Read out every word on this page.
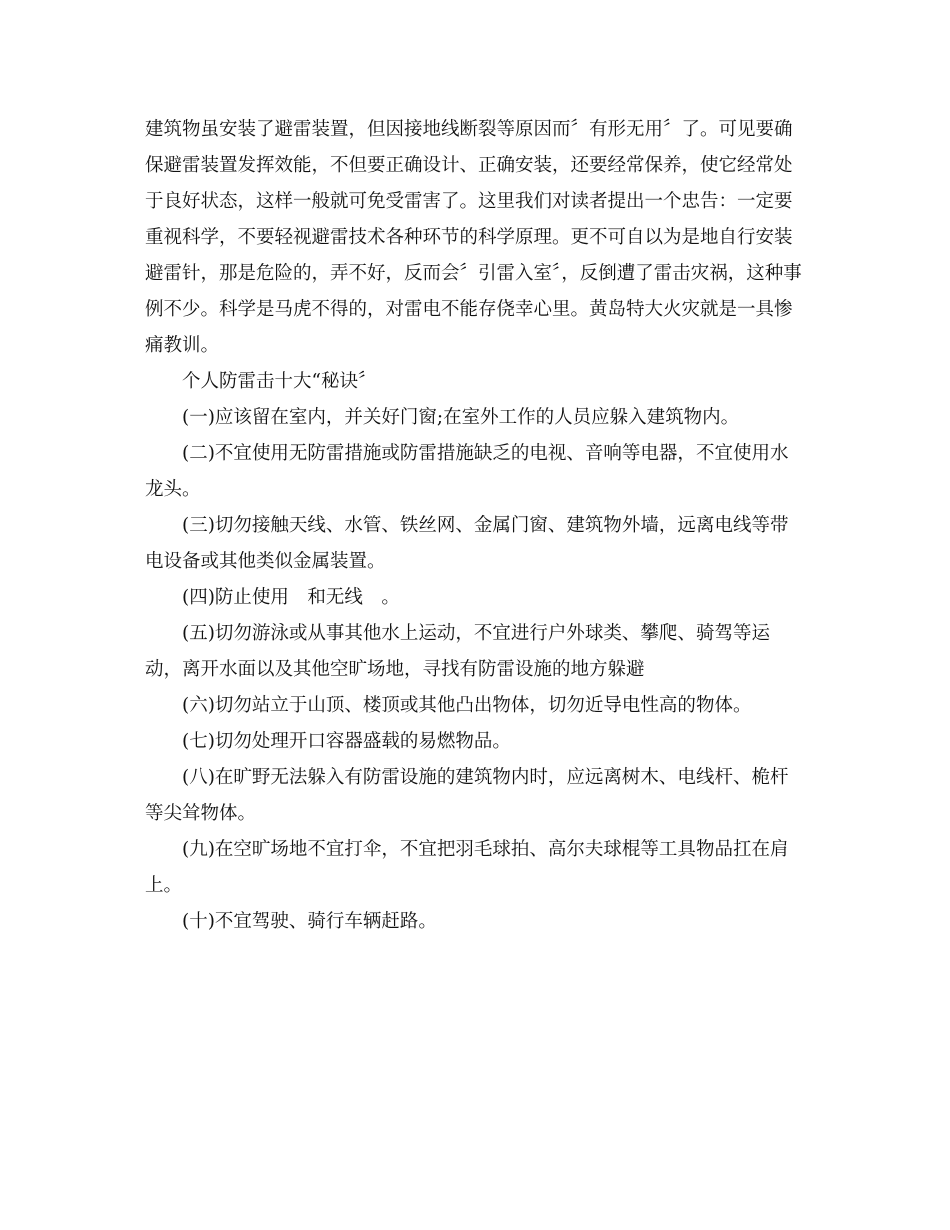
建筑物虽安装了避雷装置，但因接地线断裂等原因而〞有形无用〞了。可见要确保避雷装置发挥效能，不但要正确设计、正确安装，还要经常保养，使它经常处于良好状态，这样一般就可免受雷害了。这里我们对读者提出一个忠告：一定要重视科学，不要轻视避雷技术各种环节的科学原理。更不可自以为是地自行安装避雷针，那是危险的，弄不好，反而会〞引雷入室〞，反倒遭了雷击灾祸，这种事例不少。科学是马虎不得的，对雷电不能存侥幸心里。黄岛特大火灾就是一具惨痛教训。

个人防雷击十大“秘诀〞

(一)应该留在室内，并关好门窗;在室外工作的人员应躲入建筑物内。

(二)不宜使用无防雷措施或防雷措施缺乏的电视、音响等电器，不宜使用水龙头。

(三)切勿接触天线、水管、铁丝网、金属门窗、建筑物外墙，远离电线等带电设备或其他类似金属装置。

(四)防止使用　和无线　。

(五)切勿游泳或从事其他水上运动，不宜进行户外球类、攀爬、骑驾等运动，离开水面以及其他空旷场地，寻找有防雷设施的地方躲避

(六)切勿站立于山顶、楼顶或其他凸出物体，切勿近导电性高的物体。

(七)切勿处理开口容器盛载的易燃物品。

(八)在旷野无法躲入有防雷设施的建筑物内时，应远离树木、电线杆、桅杆等尖耸物体。

(九)在空旷场地不宜打伞，不宜把羽毛球拍、高尔夫球棍等工具物品扛在肩上。

(十)不宜驾驶、骑行车辆赶路。
